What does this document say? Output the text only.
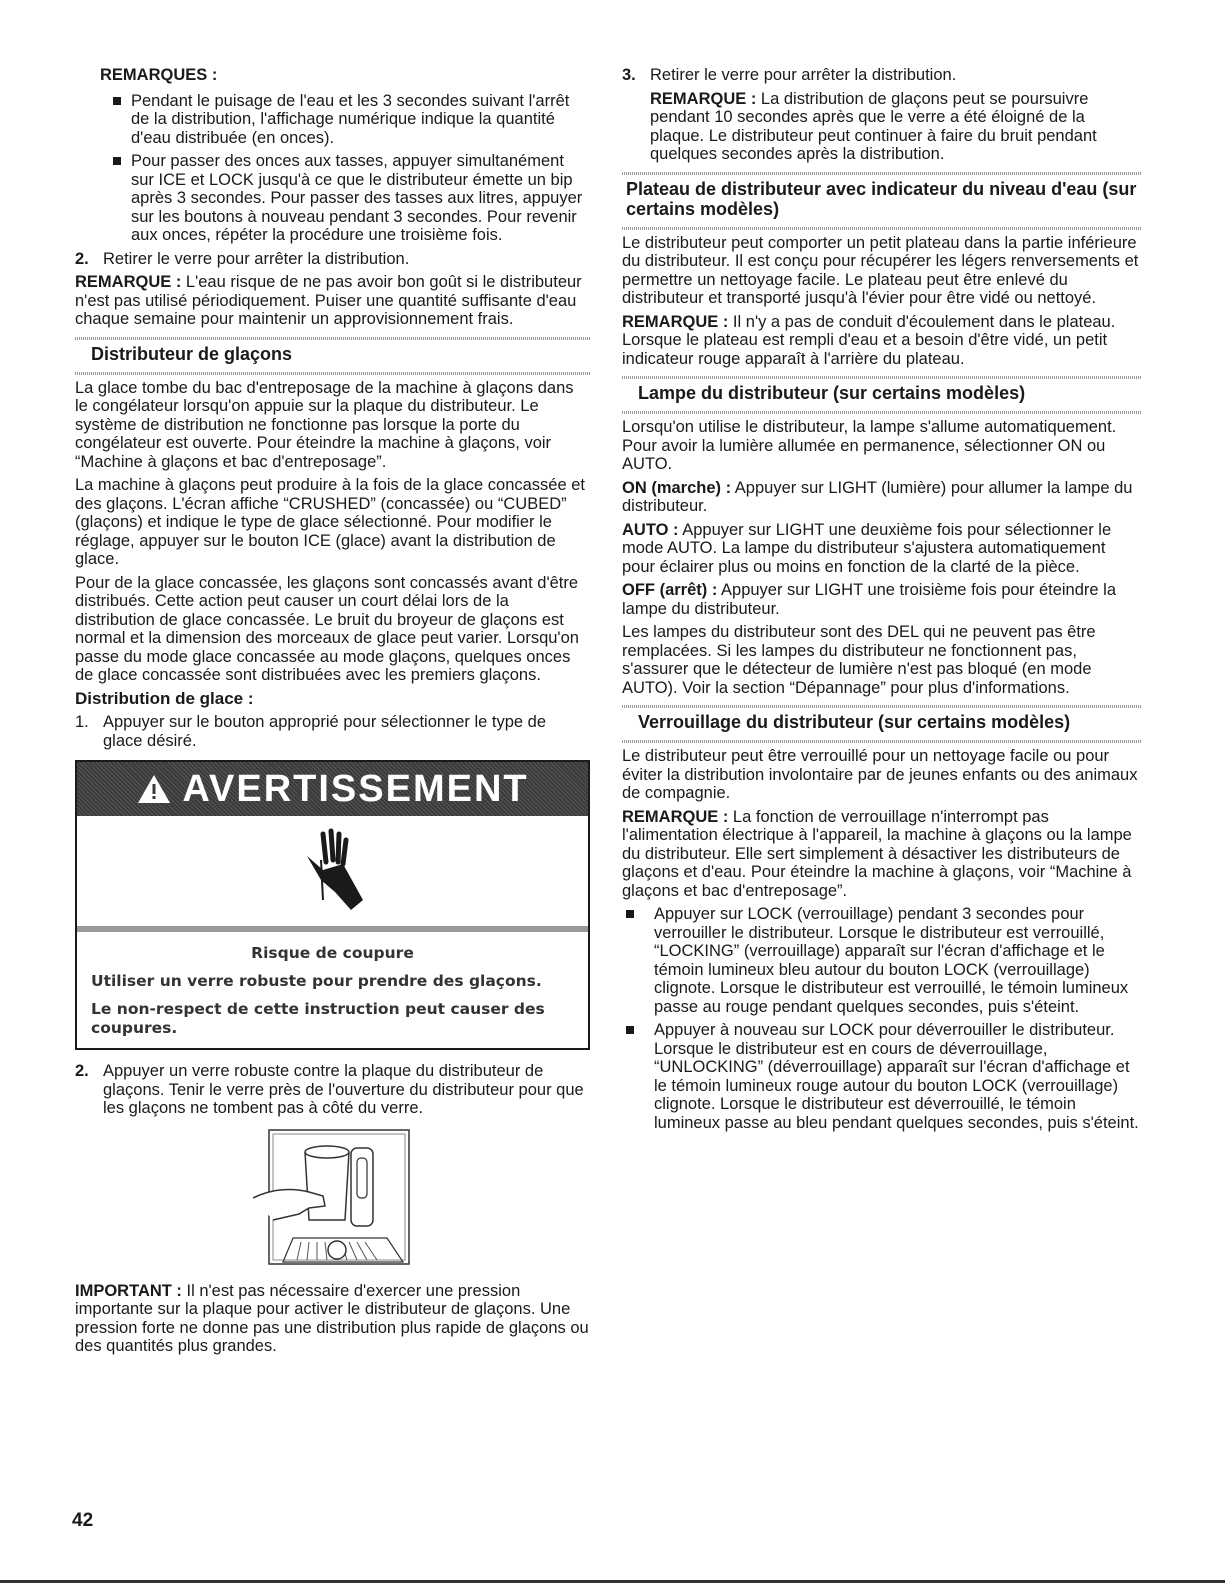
REMARQUES :
Pendant le puisage de l'eau et les 3 secondes suivant l'arrêt de la distribution, l'affichage numérique indique la quantité d'eau distribuée (en onces).
Pour passer des onces aux tasses, appuyer simultanément sur ICE et LOCK jusqu'à ce que le distributeur émette un bip après 3 secondes. Pour passer des tasses aux litres, appuyer sur les boutons à nouveau pendant 3 secondes. Pour revenir aux onces, répéter la procédure une troisième fois.
2. Retirer le verre pour arrêter la distribution.

REMARQUE : L'eau risque de ne pas avoir bon goût si le distributeur n'est pas utilisé périodiquement. Puiser une quantité suffisante d'eau chaque semaine pour maintenir un approvisionnement frais.

Distributeur de glaçons

La glace tombe du bac d'entreposage de la machine à glaçons dans le congélateur lorsqu'on appuie sur la plaque du distributeur. Le système de distribution ne fonctionne pas lorsque la porte du congélateur est ouverte. Pour éteindre la machine à glaçons, voir “Machine à glaçons et bac d'entreposage”.

La machine à glaçons peut produire à la fois de la glace concassée et des glaçons. L'écran affiche “CRUSHED” (concassée) ou “CUBED” (glaçons) et indique le type de glace sélectionné. Pour modifier le réglage, appuyer sur le bouton ICE (glace) avant la distribution de glace.

Pour de la glace concassée, les glaçons sont concassés avant d'être distribués. Cette action peut causer un court délai lors de la distribution de glace concassée. Le bruit du broyeur de glaçons est normal et la dimension des morceaux de glace peut varier. Lorsqu'on passe du mode glace concassée au mode glaçons, quelques onces de glace concassée sont distribuées avec les premiers glaçons.

Distribution de glace :
1. Appuyer sur le bouton approprié pour sélectionner le type de glace désiré.
AVERTISSEMENT
Risque de coupure
Utiliser un verre robuste pour prendre des glaçons.
Le non-respect de cette instruction peut causer des coupures.
2. Appuyer un verre robuste contre la plaque du distributeur de glaçons. Tenir le verre près de l'ouverture du distributeur pour que les glaçons ne tombent pas à côté du verre.

IMPORTANT : Il n'est pas nécessaire d'exercer une pression importante sur la plaque pour activer le distributeur de glaçons. Une pression forte ne donne pas une distribution plus rapide de glaçons ou des quantités plus grandes.

3. Retirer le verre pour arrêter la distribution.

REMARQUE : La distribution de glaçons peut se poursuivre pendant 10 secondes après que le verre a été éloigné de la plaque. Le distributeur peut continuer à faire du bruit pendant quelques secondes après la distribution.

Plateau de distributeur avec indicateur du niveau d'eau (sur certains modèles)

Le distributeur peut comporter un petit plateau dans la partie inférieure du distributeur. Il est conçu pour récupérer les légers renversements et permettre un nettoyage facile. Le plateau peut être enlevé du distributeur et transporté jusqu'à l'évier pour être vidé ou nettoyé.

REMARQUE : Il n'y a pas de conduit d'écoulement dans le plateau. Lorsque le plateau est rempli d'eau et a besoin d'être vidé, un petit indicateur rouge apparaît à l'arrière du plateau.

Lampe du distributeur (sur certains modèles)

Lorsqu'on utilise le distributeur, la lampe s'allume automatiquement. Pour avoir la lumière allumée en permanence, sélectionner ON ou AUTO.

ON (marche) : Appuyer sur LIGHT (lumière) pour allumer la lampe du distributeur.

AUTO : Appuyer sur LIGHT une deuxième fois pour sélectionner le mode AUTO. La lampe du distributeur s'ajustera automatiquement pour éclairer plus ou moins en fonction de la clarté de la pièce.

OFF (arrêt) : Appuyer sur LIGHT une troisième fois pour éteindre la lampe du distributeur.

Les lampes du distributeur sont des DEL qui ne peuvent pas être remplacées. Si les lampes du distributeur ne fonctionnent pas, s'assurer que le détecteur de lumière n'est pas bloqué (en mode AUTO). Voir la section “Dépannage” pour plus d'informations.

Verrouillage du distributeur (sur certains modèles)

Le distributeur peut être verrouillé pour un nettoyage facile ou pour éviter la distribution involontaire par de jeunes enfants ou des animaux de compagnie.

REMARQUE : La fonction de verrouillage n'interrompt pas l'alimentation électrique à l'appareil, la machine à glaçons ou la lampe du distributeur. Elle sert simplement à désactiver les distributeurs de glaçons et d'eau. Pour éteindre la machine à glaçons, voir “Machine à glaçons et bac d'entreposage”.

Appuyer sur LOCK (verrouillage) pendant 3 secondes pour verrouiller le distributeur. Lorsque le distributeur est verrouillé, “LOCKING” (verrouillage) apparaît sur l'écran d'affichage et le témoin lumineux bleu autour du bouton LOCK (verrouillage) clignote. Lorsque le distributeur est verrouillé, le témoin lumineux passe au rouge pendant quelques secondes, puis s'éteint.
Appuyer à nouveau sur LOCK pour déverrouiller le distributeur. Lorsque le distributeur est en cours de déverrouillage, “UNLOCKING” (déverrouillage) apparaît sur l'écran d'affichage et le témoin lumineux rouge autour du bouton LOCK (verrouillage) clignote. Lorsque le distributeur est déverrouillé, le témoin lumineux passe au bleu pendant quelques secondes, puis s'éteint.
42
